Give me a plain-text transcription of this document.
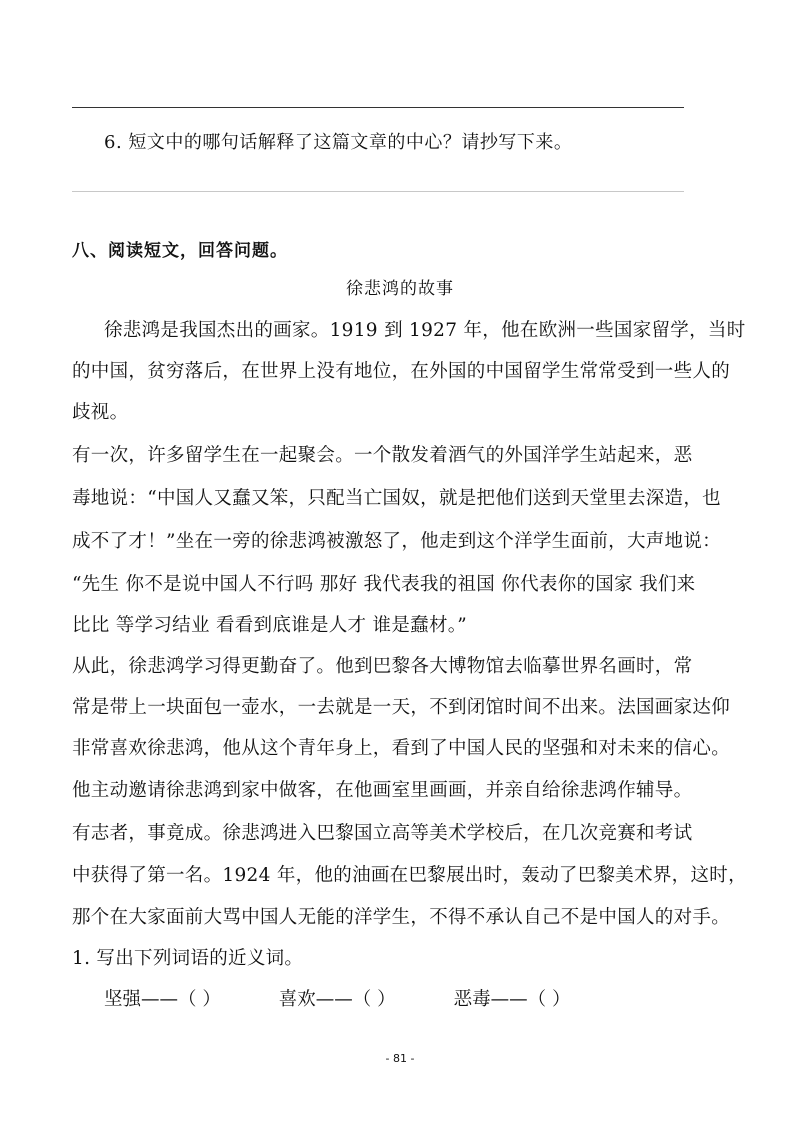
6. 短文中的哪句话解释了这篇文章的中心？请抄写下来。
八、阅读短文，回答问题。
徐悲鸿的故事
徐悲鸿是我国杰出的画家。1919 到 1927 年，他在欧洲一些国家留学，当时
的中国，贫穷落后，在世界上没有地位，在外国的中国留学生常常受到一些人的
歧视。
有一次，许多留学生在一起聚会。一个散发着酒气的外国洋学生站起来，恶
毒地说：“中国人又蠢又笨，只配当亡国奴，就是把他们送到天堂里去深造，也
成不了才！”坐在一旁的徐悲鸿被激怒了，他走到这个洋学生面前，大声地说：
“先生 你不是说中国人不行吗 那好 我代表我的祖国 你代表你的国家 我们来
比比 等学习结业 看看到底谁是人才 谁是蠢材。”
从此，徐悲鸿学习得更勤奋了。他到巴黎各大博物馆去临摹世界名画时，常
常是带上一块面包一壶水，一去就是一天，不到闭馆时间不出来。法国画家达仰
非常喜欢徐悲鸿，他从这个青年身上，看到了中国人民的坚强和对未来的信心。
他主动邀请徐悲鸿到家中做客，在他画室里画画，并亲自给徐悲鸿作辅导。
有志者，事竟成。徐悲鸿进入巴黎国立高等美术学校后，在几次竞赛和考试
中获得了第一名。1924 年，他的油画在巴黎展出时，轰动了巴黎美术界，这时，
那个在大家面前大骂中国人无能的洋学生，不得不承认自己不是中国人的对手。
1. 写出下列词语的近义词。
坚强——（ ）	喜欢——（ ）	恶毒——（ ）
- 81 -
